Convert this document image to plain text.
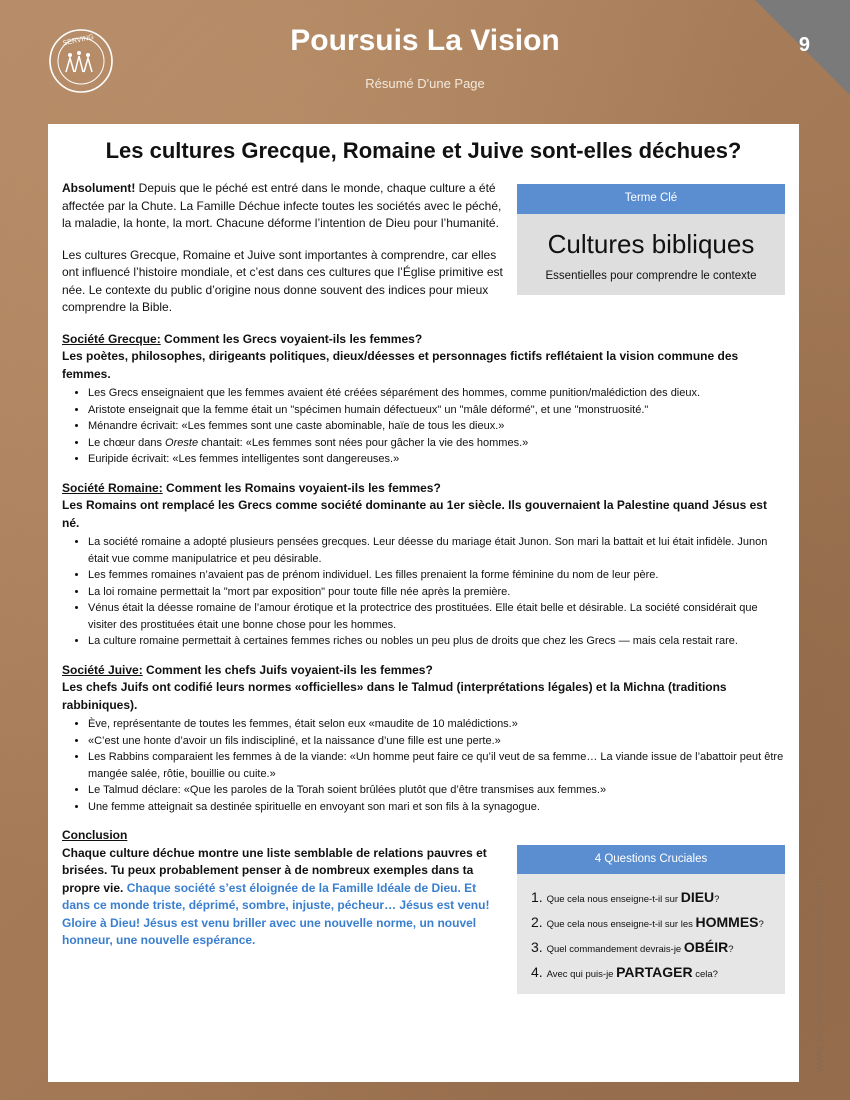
9
SERVING	Poursuis La Vision
Résumé D'une Page
Les cultures Grecque, Romaine et Juive sont-elles déchues?
Terme Clé
Cultures bibliques
Essentielles pour comprendre le contexte

Absolument! Depuis que le péché est entré dans le monde, chaque culture a été affectée par la Chute. La Famille Déchue infecte toutes les sociétés avec le péché, la maladie, la honte, la mort. Chacune déforme l’intention de Dieu pour l’humanité.

Les cultures Grecque, Romaine et Juive sont importantes à comprendre, car elles ont influencé l’histoire mondiale, et c’est dans ces cultures que l’Église primitive est née. Le contexte du public d’origine nous donne souvent des indices pour mieux comprendre la Bible.

Société Grecque: Comment les Grecs voyaient-ils les femmes?
Les poètes, philosophes, dirigeants politiques, dieux/déesses et personnages fictifs reflétaient la vision commune des femmes.
• Les Grecs enseignaient que les femmes avaient été créées séparément des hommes, comme punition/malédiction des dieux.
• Aristote enseignait que la femme était un "spécimen humain défectueux" un "mâle déformé", et une "monstruosité."
• Ménandre écrivait: «Les femmes sont une caste abominable, haïe de tous les dieux.»
• Le chœur dans Oreste chantait: «Les femmes sont nées pour gâcher la vie des hommes.»
• Euripide écrivait: «Les femmes intelligentes sont dangereuses.»
Société Romaine: Comment les Romains voyaient-ils les femmes?
Les Romains ont remplacé les Grecs comme société dominante au 1er siècle. Ils gouvernaient la Palestine quand Jésus est né.
• La société romaine a adopté plusieurs pensées grecques. Leur déesse du mariage était Junon. Son mari la battait et lui était infidèle. Junon était vue comme manipulatrice et peu désirable.
• Les femmes romaines n’avaient pas de prénom individuel. Les filles prenaient la forme féminine du nom de leur père.
• La loi romaine permettait la "mort par exposition" pour toute fille née après la première.
• Vénus était la déesse romaine de l’amour érotique et la protectrice des prostituées. Elle était belle et désirable. La société considérait que visiter des prostituées était une bonne chose pour les hommes.
• La culture romaine permettait à certaines femmes riches ou nobles un peu plus de droits que chez les Grecs — mais cela restait rare.
Société Juive: Comment les chefs Juifs voyaient-ils les femmes?
Les chefs Juifs ont codifié leurs normes «officielles» dans le Talmud (interprétations légales) et la Michna (traditions rabbiniques).
• Ève, représentante de toutes les femmes, était selon eux «maudite de 10 malédictions.»
• «C’est une honte d’avoir un fils indiscipliné, et la naissance d’une fille est une perte.»
• Les Rabbins comparaient les femmes à de la viande: «Un homme peut faire ce qu’il veut de sa femme… La viande issue de l’abattoir peut être mangée salée, rôtie, bouillie ou cuite.»
• Le Talmud déclare: «Que les paroles de la Torah soient brûlées plutôt que d’être transmises aux femmes.»
• Une femme atteignait sa destinée spirituelle en envoyant son mari et son fils à la synagogue.
Conclusion
4 Questions Cruciales
1. Que cela nous enseigne-t-il sur DIEU?
2. Que cela nous enseigne-t-il sur les HOMMES?
3. Quel commandement devrais-je OBÉIR?
4. Avec qui puis-je PARTAGER cela?
Chaque culture déchue montre une liste semblable de relations pauvres et brisées. Tu peux probablement penser à de nombreux exemples dans ta propre vie. Chaque société s’est éloignée de la Famille Idéale de Dieu. Et dans ce monde triste, déprimé, sombre, injuste, pécheur… Jésus est venu! Gloire à Dieu! Jésus est venu briller avec une nouvelle norme, un nouvel honneur, une nouvelle espérance.	www.servingshouldertoshoulder.com
